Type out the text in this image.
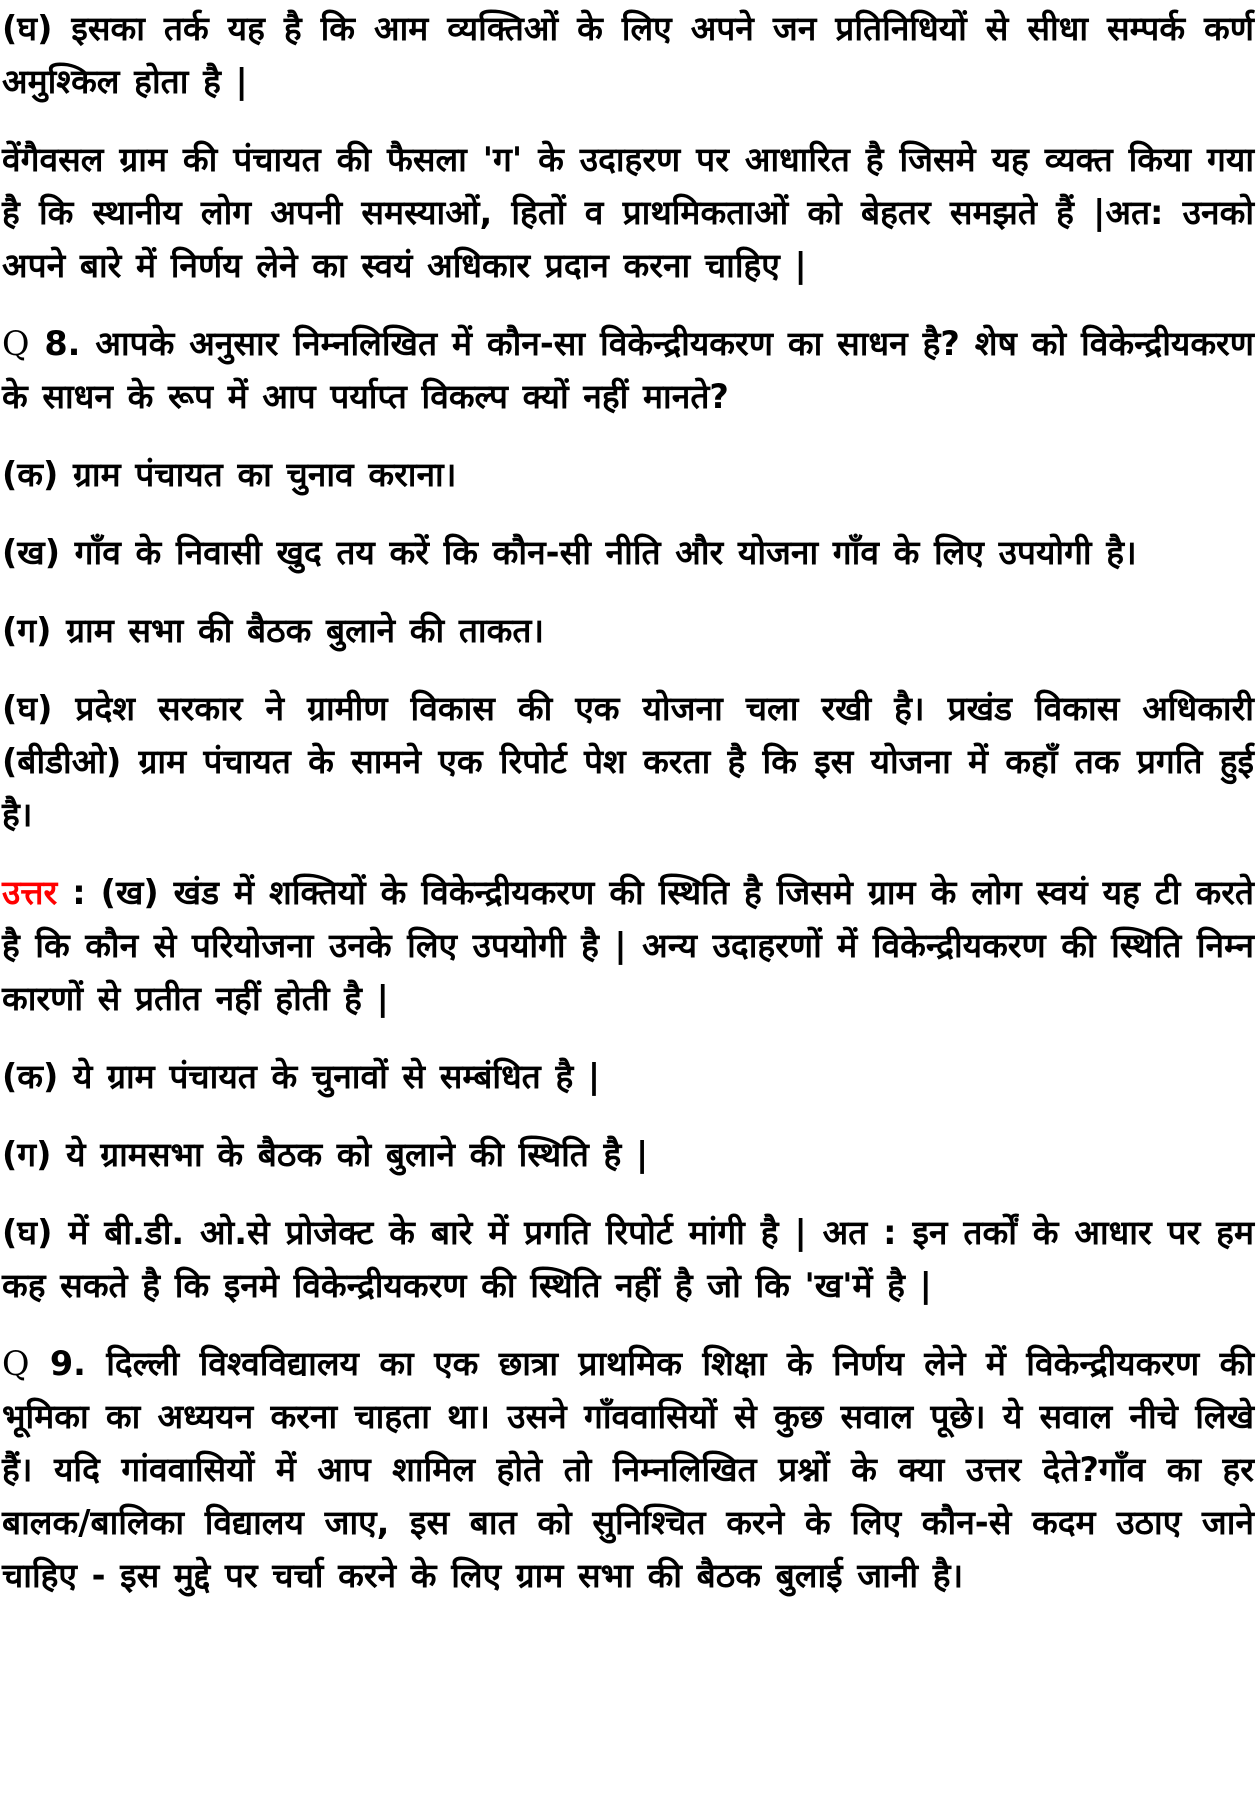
(घ) इसका तर्क यह है कि आम व्यक्तिओं के लिए अपने जन प्रतिनिधियों से सीधा सम्पर्क कर्ण अमुश्किल होता है |

वेंगैवसल ग्राम की पंचायत की फैसला 'ग' के उदाहरण पर आधारित है जिसमे यह व्यक्त किया गया है कि स्थानीय लोग अपनी समस्याओं, हितों व प्राथमिकताओं को बेहतर समझते हैं |अत: उनको अपने बारे में निर्णय लेने का स्वयं अधिकार प्रदान करना चाहिए |

Q 8. आपके अनुसार निम्नलिखित में कौन-सा विकेन्द्रीयकरण का साधन है? शेष को विकेन्द्रीयकरण के साधन के रूप में आप पर्याप्त विकल्प क्यों नहीं मानते?

(क) ग्राम पंचायत का चुनाव कराना।

(ख) गाँव के निवासी खुद तय करें कि कौन-सी नीति और योजना गाँव के लिए उपयोगी है।

(ग) ग्राम सभा की बैठक बुलाने की ताकत।

(घ) प्रदेश सरकार ने ग्रामीण विकास की एक योजना चला रखी है। प्रखंड विकास अधिकारी (बीडीओ) ग्राम पंचायत के सामने एक रिपोर्ट पेश करता है कि इस योजना में कहाँ तक प्रगति हुई है।

उत्तर : (ख) खंड में शक्तियों के विकेन्द्रीयकरण की स्थिति है जिसमे ग्राम के लोग स्वयं यह टी करते है कि कौन से परियोजना उनके लिए उपयोगी है | अन्य उदाहरणों में विकेन्द्रीयकरण की स्थिति निम्न कारणों से प्रतीत नहीं होती है |

(क) ये ग्राम पंचायत के चुनावों से सम्बंधित है |

(ग) ये ग्रामसभा के बैठक को बुलाने की स्थिति है |

(घ) में बी.डी. ओ.से प्रोजेक्ट के बारे में प्रगति रिपोर्ट मांगी है | अत : इन तर्कों के आधार पर हम कह सकते है कि इनमे विकेन्द्रीयकरण की स्थिति नहीं है जो कि 'ख'में है |

Q 9. दिल्ली विश्वविद्यालय का एक छात्रा प्राथमिक शिक्षा के निर्णय लेने में विकेन्द्रीयकरण की भूमिका का अध्ययन करना चाहता था। उसने गाँववासियों से कुछ सवाल पूछे। ये सवाल नीचे लिखे हैं। यदि गांववासियों में आप शामिल होते तो निम्नलिखित प्रश्नों के क्या उत्तर देते?गाँव का हर बालक/बालिका विद्यालय जाए, इस बात को सुनिश्चित करने के लिए कौन-से कदम उठाए जाने चाहिए - इस मुद्दे पर चर्चा करने के लिए ग्राम सभा की बैठक बुलाई जानी है।
